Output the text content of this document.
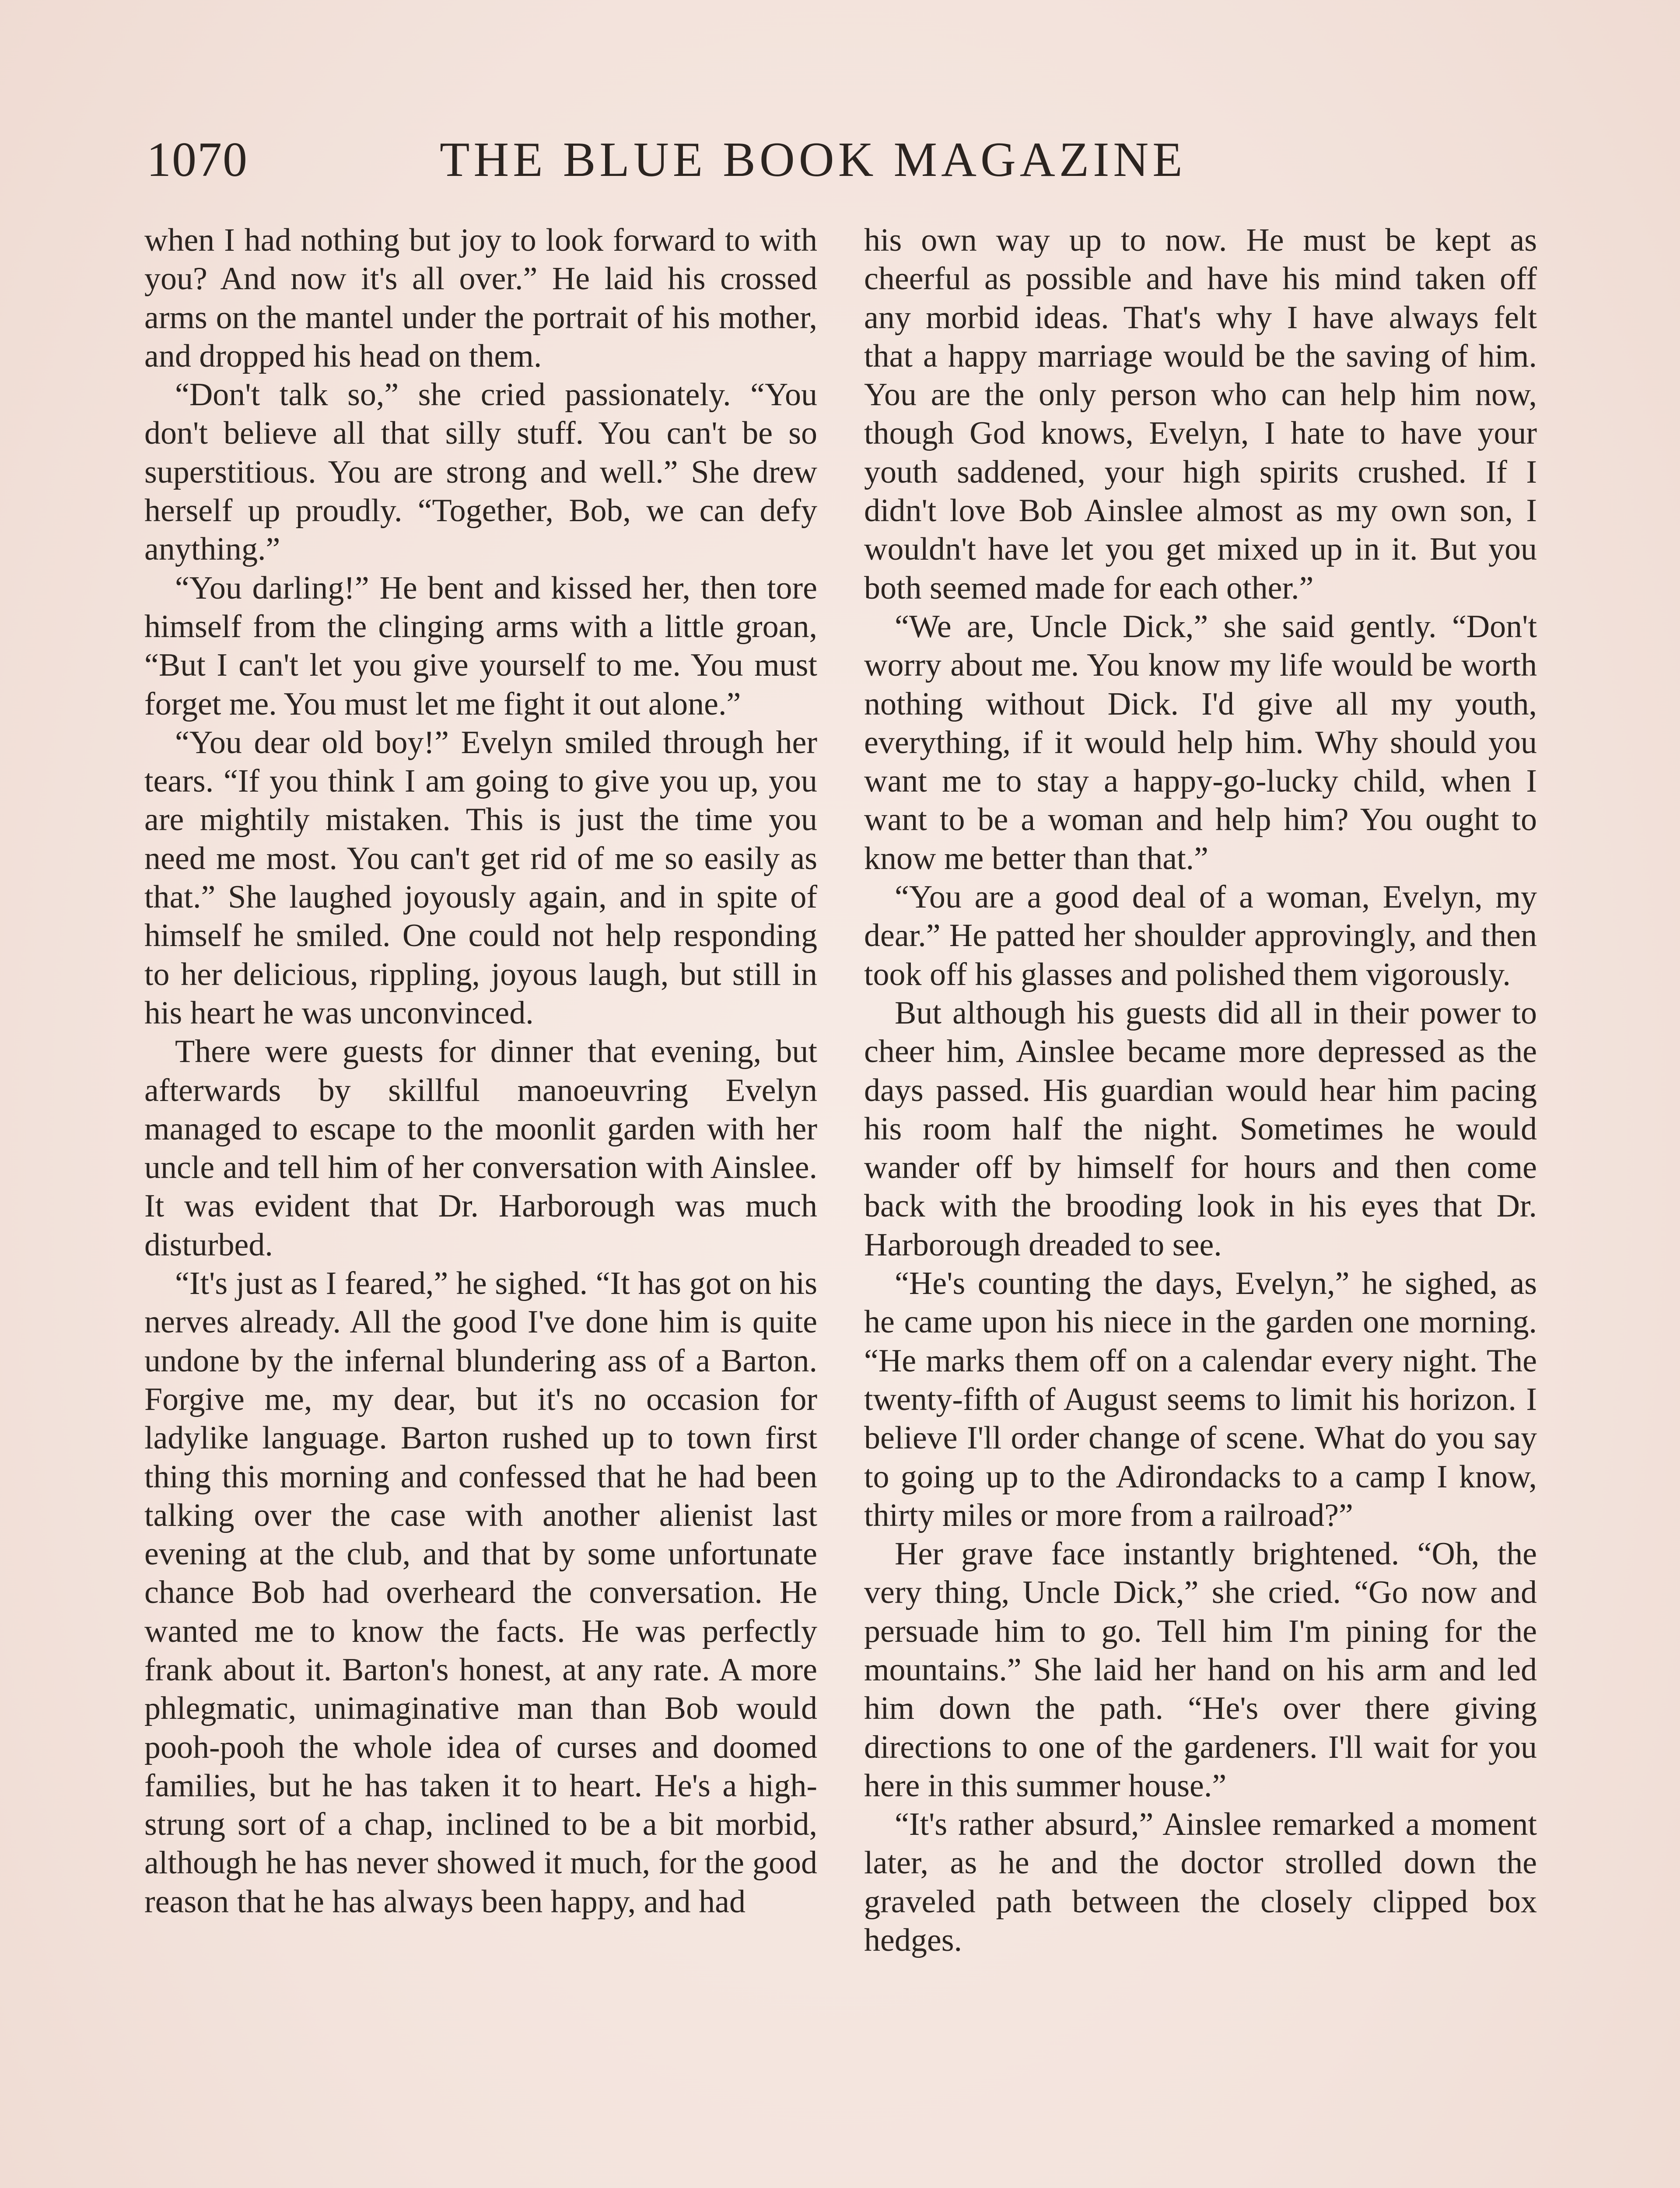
1070	THE BLUE BOOK MAGAZINE

when I had nothing but joy to look forward to with you? And now it's all over.” He laid his crossed arms on the mantel under the portrait of his mother, and dropped his head on them.

“Don't talk so,” she cried passionately. “You don't believe all that silly stuff. You can't be so superstitious. You are strong and well.” She drew herself up proudly. “Together, Bob, we can defy anything.”

“You darling!” He bent and kissed her, then tore himself from the clinging arms with a little groan, “But I can't let you give yourself to me. You must forget me. You must let me fight it out alone.”

“You dear old boy!” Evelyn smiled through her tears. “If you think I am going to give you up, you are mightily mistaken. This is just the time you need me most. You can't get rid of me so easily as that.” She laughed joyously again, and in spite of himself he smiled. One could not help responding to her delicious, rippling, joyous laugh, but still in his heart he was unconvinced.

There were guests for dinner that evening, but afterwards by skillful manoeuvring Evelyn managed to escape to the moonlit garden with her uncle and tell him of her conversation with Ainslee. It was evident that Dr. Harborough was much disturbed.

“It's just as I feared,” he sighed. “It has got on his nerves already. All the good I've done him is quite undone by the infernal blundering ass of a Barton. Forgive me, my dear, but it's no occasion for ladylike language. Barton rushed up to town first thing this morning and confessed that he had been talking over the case with another alienist last evening at the club, and that by some unfortunate chance Bob had overheard the conversation. He wanted me to know the facts. He was perfectly frank about it. Barton's honest, at any rate. A more phlegmatic, unimaginative man than Bob would pooh-pooh the whole idea of curses and doomed families, but he has taken it to heart. He's a high-strung sort of a chap, inclined to be a bit morbid, although he has never showed it much, for the good reason that he has always been happy, and had

his own way up to now. He must be kept as cheerful as possible and have his mind taken off any morbid ideas. That's why I have always felt that a happy marriage would be the saving of him. You are the only person who can help him now, though God knows, Evelyn, I hate to have your youth saddened, your high spirits crushed. If I didn't love Bob Ainslee almost as my own son, I wouldn't have let you get mixed up in it. But you both seemed made for each other.”

“We are, Uncle Dick,” she said gently. “Don't worry about me. You know my life would be worth nothing without Dick. I'd give all my youth, everything, if it would help him. Why should you want me to stay a happy-go-lucky child, when I want to be a woman and help him? You ought to know me better than that.”

“You are a good deal of a woman, Evelyn, my dear.” He patted her shoulder approvingly, and then took off his glasses and polished them vigorously.

But although his guests did all in their power to cheer him, Ainslee became more depressed as the days passed. His guardian would hear him pacing his room half the night. Sometimes he would wander off by himself for hours and then come back with the brooding look in his eyes that Dr. Harborough dreaded to see.

“He's counting the days, Evelyn,” he sighed, as he came upon his niece in the garden one morning. “He marks them off on a calendar every night. The twenty-fifth of August seems to limit his horizon. I believe I'll order change of scene. What do you say to going up to the Adirondacks to a camp I know, thirty miles or more from a railroad?”

Her grave face instantly brightened. “Oh, the very thing, Uncle Dick,” she cried. “Go now and persuade him to go. Tell him I'm pining for the mountains.” She laid her hand on his arm and led him down the path. “He's over there giving directions to one of the gardeners. I'll wait for you here in this summer house.”

“It's rather absurd,” Ainslee remarked a moment later, as he and the doctor strolled down the graveled path between the closely clipped box hedges.
